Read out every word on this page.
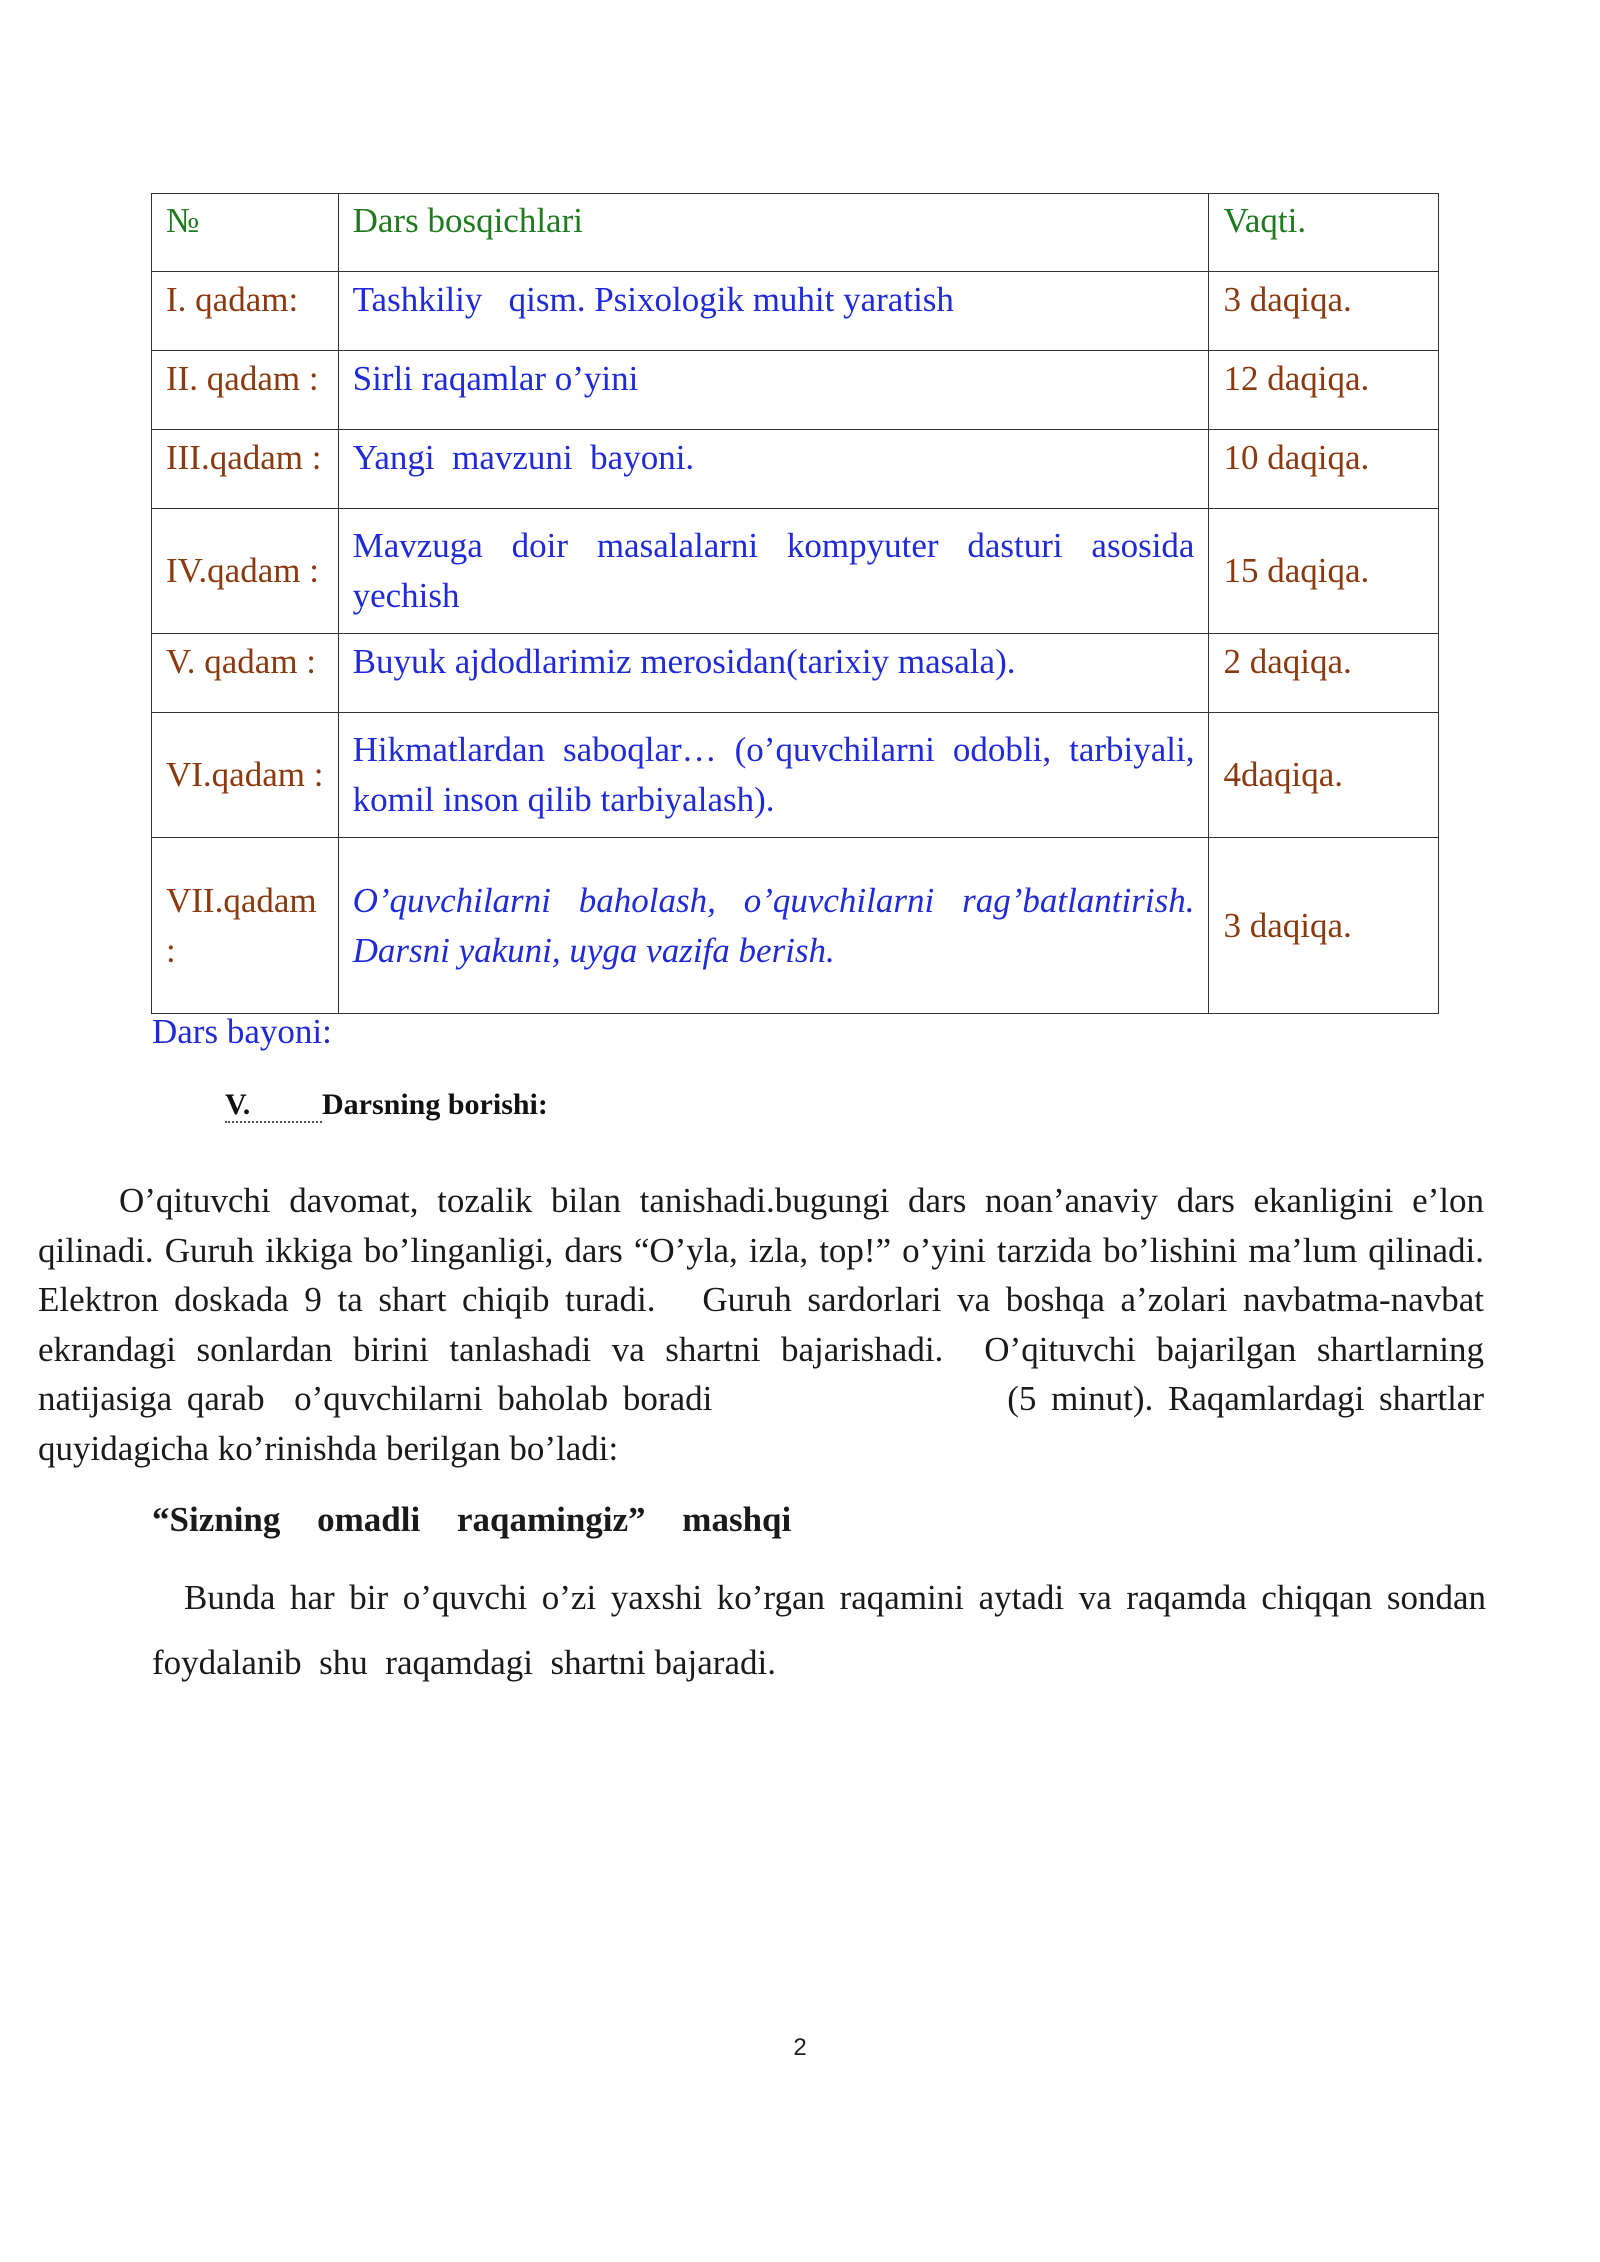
№	Dars bosqichlari	Vaqti.
I. qadam:	Tashkiliy   qism. Psixologik muhit yaratish	3 daqiqa.
II. qadam :	Sirli raqamlar o’yini	12 daqiqa.
III.qadam :	Yangi  mavzuni  bayoni.	10 daqiqa.
IV.qadam :	Mavzuga doir masalalarni kompyuter dasturi asosida yechish	15 daqiqa.
V. qadam :	Buyuk ajdodlarimiz merosidan(tarixiy masala).	2 daqiqa.
VI.qadam :	Hikmatlardan saboqlar… (o’quvchilarni odobli, tarbiyali, komil inson qilib tarbiyalash).	4daqiqa.
VII.qadam :	O’quvchilarni baholash, o’quvchilarni rag’batlantirish. Darsni yakuni, uyga vazifa berish.	3 daqiqa.
Dars bayoni:
V. Darsning borishi:

O’qituvchi davomat, tozalik bilan tanishadi.bugungi dars noan’anaviy dars ekanligini e’lon qilinadi. Guruh ikkiga bo’linganligi, dars “O’yla, izla, top!” o’yini tarzida bo’lishini ma’lum qilinadi.  Elektron doskada 9 ta shart chiqib turadi.   Guruh sardorlari va boshqa a’zolari navbatma-navbat ekrandagi sonlardan birini tanlashadi va shartni bajarishadi.  O’qituvchi bajarilgan shartlarning natijasiga qarab  o’quvchilarni baholab boradi                    (5 minut). Raqamlardagi shartlar quyidagicha ko’rinishda berilgan bo’ladi:

“Sizning omadli raqamingiz” mashqi

Bunda har bir o’quvchi o’zi yaxshi ko’rgan raqamini aytadi va raqamda chiqqan sondan  foydalanib  shu  raqamdagi  shartni bajaradi.

2
